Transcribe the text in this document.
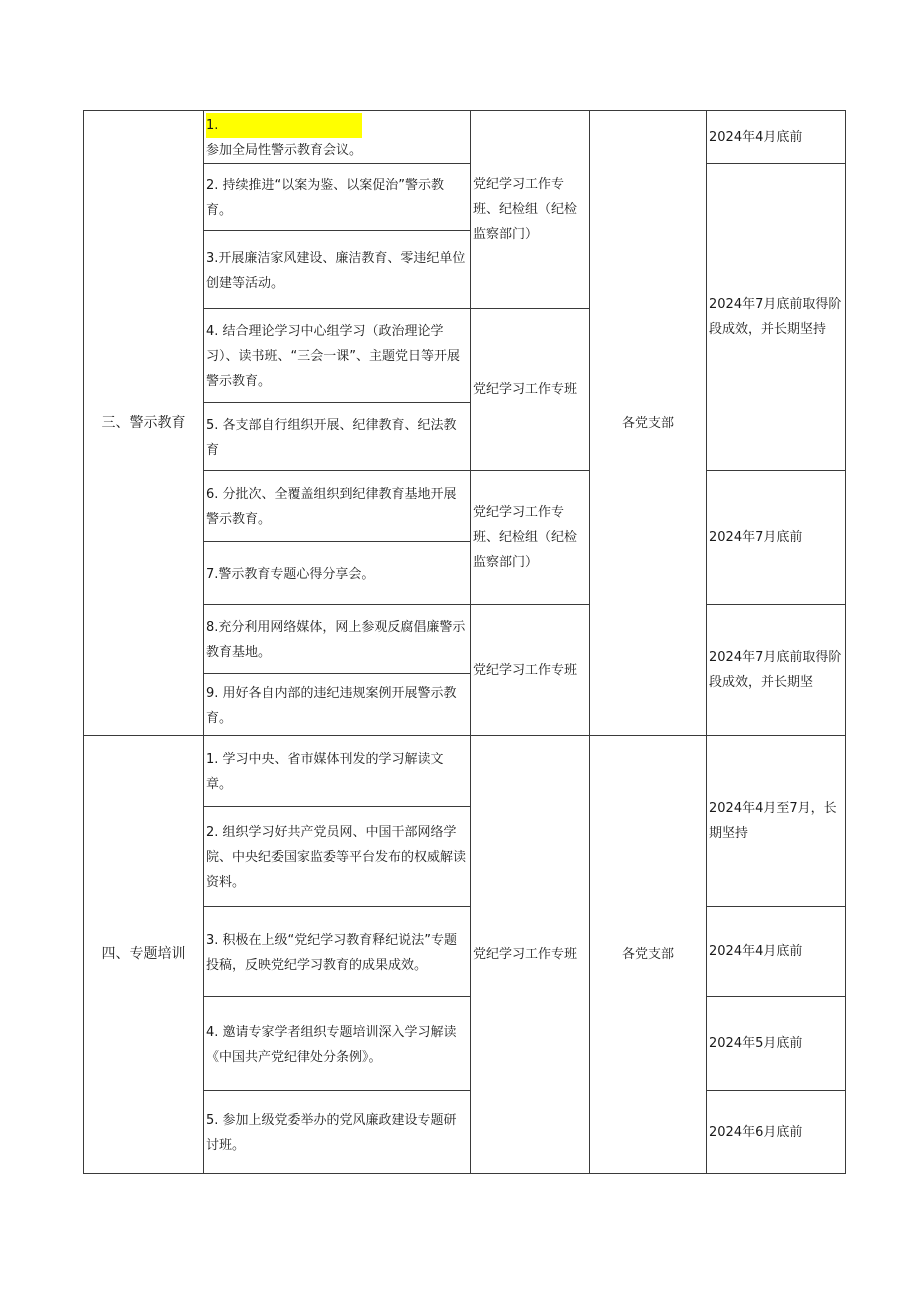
三、警示教育
1.
参加全局性警示教育会议。
2. 持续推进“以案为鉴、以案促治”警示教育。
3.开展廉洁家风建设、廉洁教育、零违纪单位创建等活动。
4. 结合理论学习中心组学习（政治理论学习）、读书班、“三会一课”、主题党日等开展警示教育。
5. 各支部自行组织开展、纪律教育、纪法教育
6. 分批次、全覆盖组织到纪律教育基地开展警示教育。
7.警示教育专题心得分享会。
8.充分利用网络媒体，网上参观反腐倡廉警示教育基地。
9. 用好各自内部的违纪违规案例开展警示教育。
党纪学习工作专班、纪检组（纪检监察部门）
党纪学习工作专班
党纪学习工作专班、纪检组（纪检监察部门）
党纪学习工作专班
各党支部
2024年4月底前
2024年7月底前取得阶段成效，并长期坚持
2024年7月底前
2024年7月底前取得阶段成效，并长期坚
四、专题培训
1. 学习中央、省市媒体刊发的学习解读文章。
2. 组织学习好共产党员网、中国干部网络学院、中央纪委国家监委等平台发布的权威解读资料。
3. 积极在上级“党纪学习教育释纪说法”专题投稿，反映党纪学习教育的成果成效。
4. 邀请专家学者组织专题培训深入学习解读《中国共产党纪律处分条例》。
5. 参加上级党委举办的党风廉政建设专题研讨班。
党纪学习工作专班	各党支部
2024年4月至7月，长期坚持
2024年4月底前
2024年5月底前
2024年6月底前
